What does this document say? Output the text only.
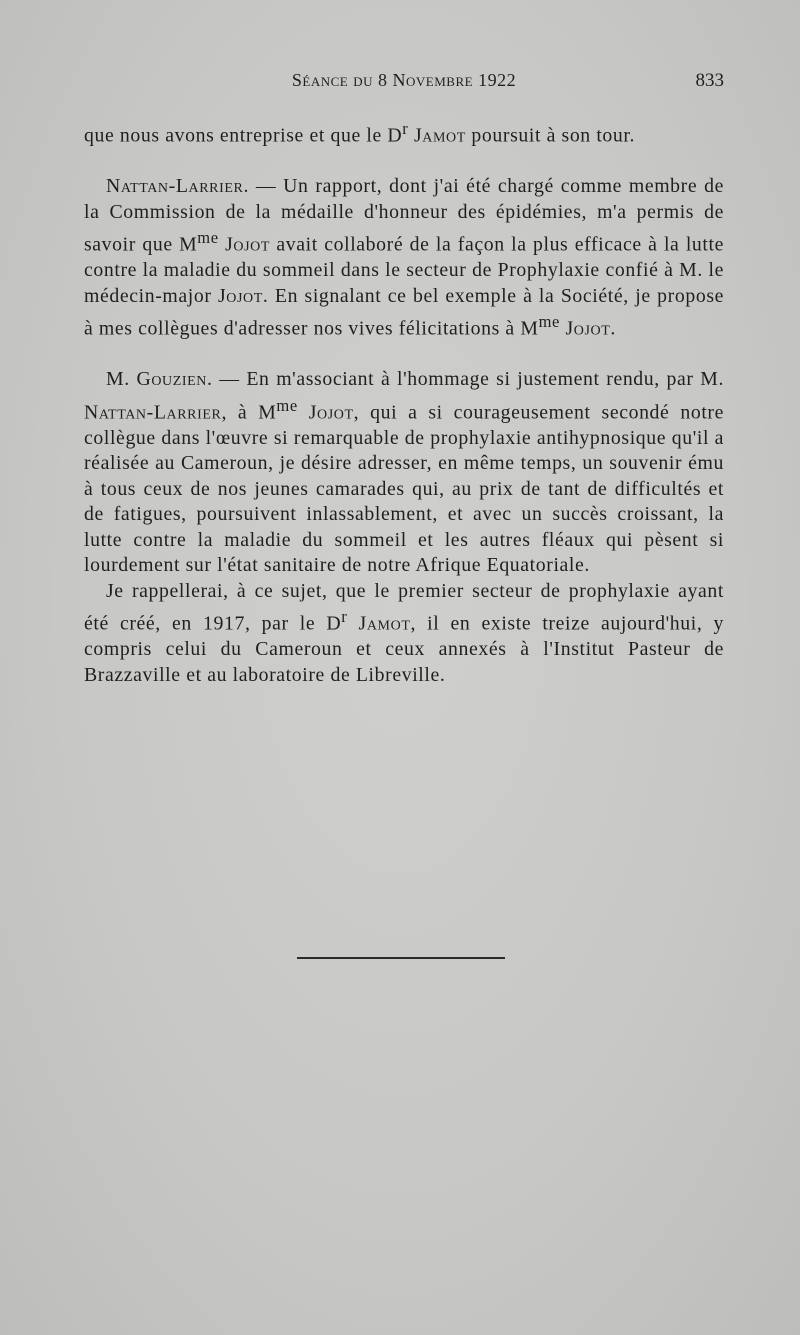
Séance du 8 Novembre 1922	833

que nous avons entreprise et que le $D^r$ Jamot poursuit à son tour.

Nattan-Larrier. — Un rapport, dont j'ai été chargé comme membre de la Commission de la médaille d'honneur des épidémies, m'a permis de savoir que $M^{me}$ Jojot avait collaboré de la façon la plus efficace à la lutte contre la maladie du sommeil dans le secteur de Prophylaxie confié à M. le médecin-major Jojot. En signalant ce bel exemple à la Société, je propose à mes collègues d'adresser nos vives félicitations à $M^{me}$ Jojot.

M. Gouzien. — En m'associant à l'hommage si justement rendu, par M. Nattan-Larrier, à $M^{me}$ Jojot, qui a si courageusement secondé notre collègue dans l'œuvre si remarquable de prophylaxie antihypnosique qu'il a réalisée au Cameroun, je désire adresser, en même temps, un souvenir ému à tous ceux de nos jeunes camarades qui, au prix de tant de difficultés et de fatigues, poursuivent inlassablement, et avec un succès croissant, la lutte contre la maladie du sommeil et les autres fléaux qui pèsent si lourdement sur l'état sanitaire de notre Afrique Equatoriale.

Je rappellerai, à ce sujet, que le premier secteur de prophylaxie ayant été créé, en 1917, par le $D^r$ Jamot, il en existe treize aujourd'hui, y compris celui du Cameroun et ceux annexés à l'Institut Pasteur de Brazzaville et au laboratoire de Libreville.
